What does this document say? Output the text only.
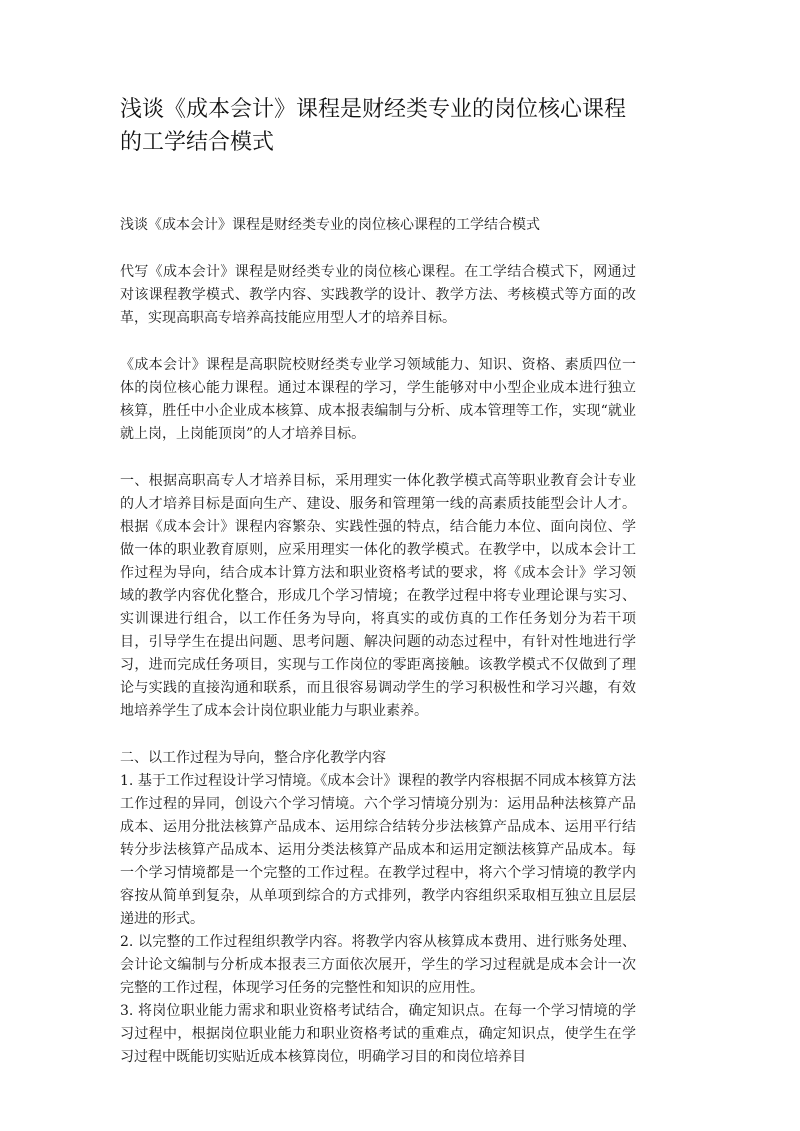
浅谈《成本会计》课程是财经类专业的岗位核心课程的工学结合模式

浅谈《成本会计》课程是财经类专业的岗位核心课程的工学结合模式

代写《成本会计》课程是财经类专业的岗位核心课程。在工学结合模式下，网通过对该课程教学模式、教学内容、实践教学的设计、教学方法、考核模式等方面的改革，实现高职高专培养高技能应用型人才的培养目标。

《成本会计》课程是高职院校财经类专业学习领域能力、知识、资格、素质四位一体的岗位核心能力课程。通过本课程的学习，学生能够对中小型企业成本进行独立核算，胜任中小企业成本核算、成本报表编制与分析、成本管理等工作，实现“就业就上岗，上岗能顶岗”的人才培养目标。

一、根据高职高专人才培养目标，采用理实一体化教学模式高等职业教育会计专业的人才培养目标是面向生产、建设、服务和管理第一线的高素质技能型会计人才。根据《成本会计》课程内容繁杂、实践性强的特点，结合能力本位、面向岗位、学做一体的职业教育原则，应采用理实一体化的教学模式。在教学中，以成本会计工作过程为导向，结合成本计算方法和职业资格考试的要求，将《成本会计》学习领域的教学内容优化整合，形成几个学习情境；在教学过程中将专业理论课与实习、实训课进行组合，以工作任务为导向，将真实的或仿真的工作任务划分为若干项目，引导学生在提出问题、思考问题、解决问题的动态过程中，有针对性地进行学习，进而完成任务项目，实现与工作岗位的零距离接触。该教学模式不仅做到了理论与实践的直接沟通和联系，而且很容易调动学生的学习积极性和学习兴趣，有效地培养学生了成本会计岗位职业能力与职业素养。

二、以工作过程为导向，整合序化教学内容

1. 基于工作过程设计学习情境。《成本会计》课程的教学内容根据不同成本核算方法工作过程的异同，创设六个学习情境。六个学习情境分别为：运用品种法核算产品成本、运用分批法核算产品成本、运用综合结转分步法核算产品成本、运用平行结转分步法核算产品成本、运用分类法核算产品成本和运用定额法核算产品成本。每一个学习情境都是一个完整的工作过程。在教学过程中，将六个学习情境的教学内容按从简单到复杂，从单项到综合的方式排列，教学内容组织采取相互独立且层层递进的形式。

2. 以完整的工作过程组织教学内容。将教学内容从核算成本费用、进行账务处理、会计论文编制与分析成本报表三方面依次展开，学生的学习过程就是成本会计一次完整的工作过程，体现学习任务的完整性和知识的应用性。

3. 将岗位职业能力需求和职业资格考试结合，确定知识点。在每一个学习情境的学习过程中，根据岗位职业能力和职业资格考试的重难点，确定知识点，使学生在学习过程中既能切实贴近成本核算岗位，明确学习目的和岗位培养目
